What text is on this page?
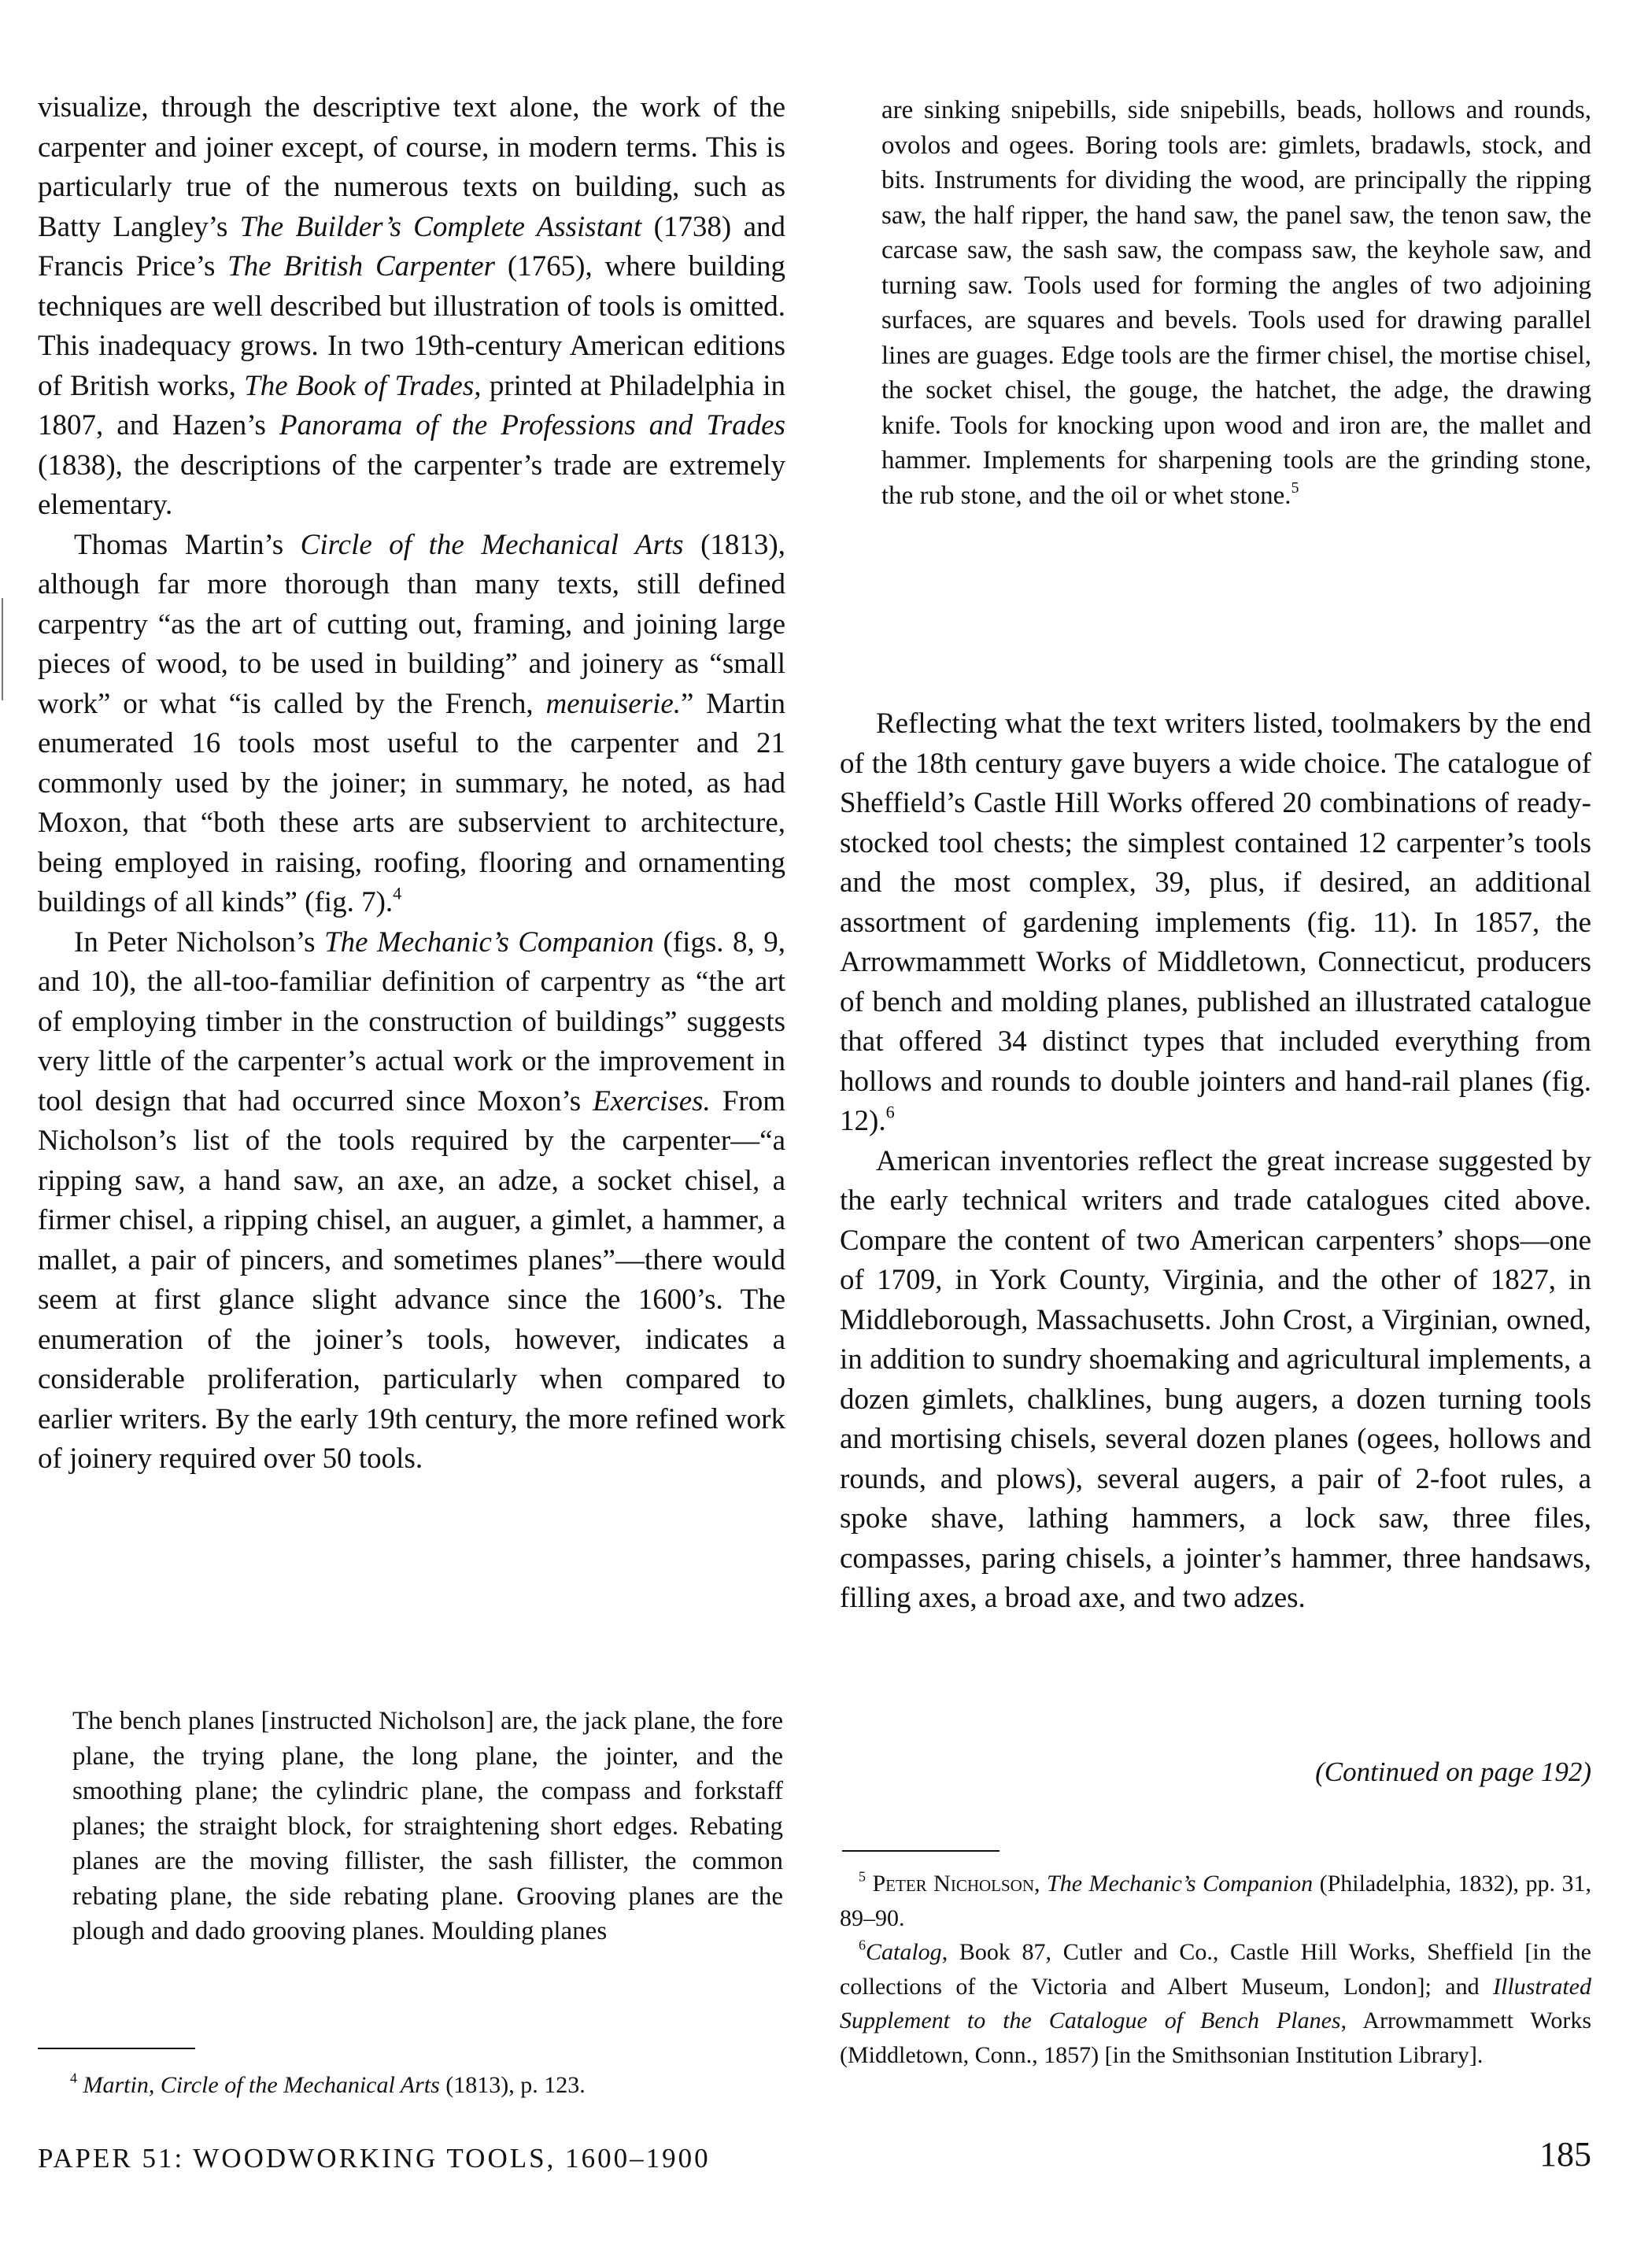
visualize, through the descriptive text alone, the work of the carpenter and joiner except, of course, in modern terms. This is particularly true of the numerous texts on building, such as Batty Langley’s The Builder’s Complete Assistant (1738) and Francis Price’s The British Carpenter (1765), where building techniques are well described but illustration of tools is omitted. This inadequacy grows. In two 19th-century American editions of British works, The Book of Trades, printed at Philadelphia in 1807, and Hazen’s Panorama of the Professions and Trades (1838), the descriptions of the carpenter’s trade are extremely elementary.

Thomas Martin’s Circle of the Mechanical Arts (1813), although far more thorough than many texts, still defined carpentry “as the art of cutting out, framing, and joining large pieces of wood, to be used in building” and joinery as “small work” or what “is called by the French, menuiserie.” Martin enumerated 16 tools most useful to the carpenter and 21 commonly used by the joiner; in summary, he noted, as had Moxon, that “both these arts are subservient to architecture, being employed in raising, roofing, flooring and ornamenting buildings of all kinds” (fig. 7).$^4$

In Peter Nicholson’s The Mechanic’s Companion (figs. 8, 9, and 10), the all-too-familiar definition of carpentry as “the art of employing timber in the construction of buildings” suggests very little of the carpenter’s actual work or the improvement in tool design that had occurred since Moxon’s Exercises. From Nicholson’s list of the tools required by the carpenter—“a ripping saw, a hand saw, an axe, an adze, a socket chisel, a firmer chisel, a ripping chisel, an auguer, a gimlet, a hammer, a mallet, a pair of pincers, and sometimes planes”—there would seem at first glance slight advance since the 1600’s. The enumeration of the joiner’s tools, however, indicates a considerable proliferation, particularly when compared to earlier writers. By the early 19th century, the more refined work of joinery required over 50 tools.

The bench planes [instructed Nicholson] are, the jack plane, the fore plane, the trying plane, the long plane, the jointer, and the smoothing plane; the cylindric plane, the compass and forkstaff planes; the straight block, for straightening short edges. Rebating planes are the moving fillister, the sash fillister, the common rebating plane, the side rebating plane. Grooving planes are the plough and dado grooving planes. Moulding planes

$^4$ Martin, Circle of the Mechanical Arts (1813), p. 123.

are sinking snipebills, side snipebills, beads, hollows and rounds, ovolos and ogees. Boring tools are: gimlets, bradawls, stock, and bits. Instruments for dividing the wood, are principally the ripping saw, the half ripper, the hand saw, the panel saw, the tenon saw, the carcase saw, the sash saw, the compass saw, the keyhole saw, and turning saw. Tools used for forming the angles of two adjoining surfaces, are squares and bevels. Tools used for drawing parallel lines are guages. Edge tools are the firmer chisel, the mortise chisel, the socket chisel, the gouge, the hatchet, the adge, the drawing knife. Tools for knocking upon wood and iron are, the mallet and hammer. Implements for sharpening tools are the grinding stone, the rub stone, and the oil or whet stone.$^5$

Reflecting what the text writers listed, toolmakers by the end of the 18th century gave buyers a wide choice. The catalogue of Sheffield’s Castle Hill Works offered 20 combinations of ready-stocked tool chests; the simplest contained 12 carpenter’s tools and the most complex, 39, plus, if desired, an additional assortment of gardening implements (fig. 11). In 1857, the Arrowmammett Works of Middletown, Connecticut, producers of bench and molding planes, published an illustrated catalogue that offered 34 distinct types that included everything from hollows and rounds to double jointers and hand-rail planes (fig. 12).$^6$

American inventories reflect the great increase suggested by the early technical writers and trade catalogues cited above. Compare the content of two American carpenters’ shops—one of 1709, in York County, Virginia, and the other of 1827, in Middleborough, Massachusetts. John Crost, a Virginian, owned, in addition to sundry shoemaking and agricultural implements, a dozen gimlets, chalklines, bung augers, a dozen turning tools and mortising chisels, several dozen planes (ogees, hollows and rounds, and plows), several augers, a pair of 2-foot rules, a spoke shave, lathing hammers, a lock saw, three files, compasses, paring chisels, a jointer’s hammer, three handsaws, filling axes, a broad axe, and two adzes.

(Continued on page 192)

$^5$ Peter Nicholson, The Mechanic’s Companion (Philadelphia, 1832), pp. 31, 89–90.

$^6$Catalog, Book 87, Cutler and Co., Castle Hill Works, Sheffield [in the collections of the Victoria and Albert Museum, London]; and Illustrated Supplement to the Catalogue of Bench Planes, Arrowmammett Works (Middletown, Conn., 1857) [in the Smithsonian Institution Library].

PAPER 51: WOODWORKING TOOLS, 1600–1900	185
